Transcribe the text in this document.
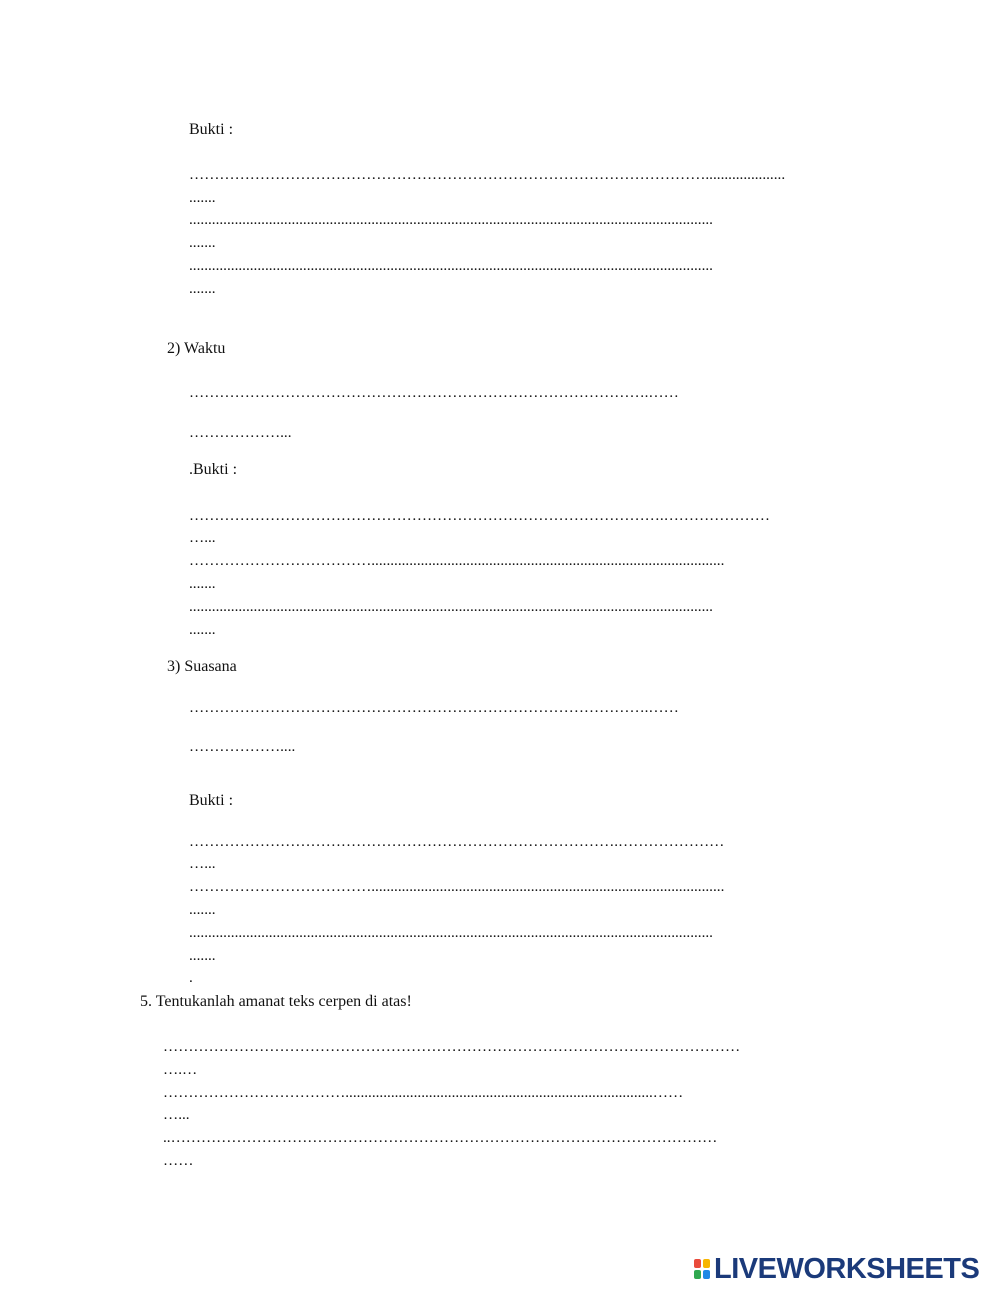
Bukti :
………………………………………………………………………………………….....................
.......
..........................................................................................................................................
.......
..........................................................................................................................................
.......
2) Waktu
……………………………………………………………………………….……
………………...
.Bukti :
………………………………………………………………………………….…………………
…...
……………………………….............................................................................................
.......
..........................................................................................................................................
.......
3) Suasana
……………………………………………………………………………….……
………………....
Bukti :
………………………………………………………………………….…………………
…...
……………………………….............................................................................................
.......
..........................................................................................................................................
.......
.
5. Tentukanlah amanat teks cerpen di atas!
……………………………………………………………………………………………………
….…
……………………………….................................................................................……
…...
..………………………………………………………………………………………………
……
LIVEWORKSHEETS
